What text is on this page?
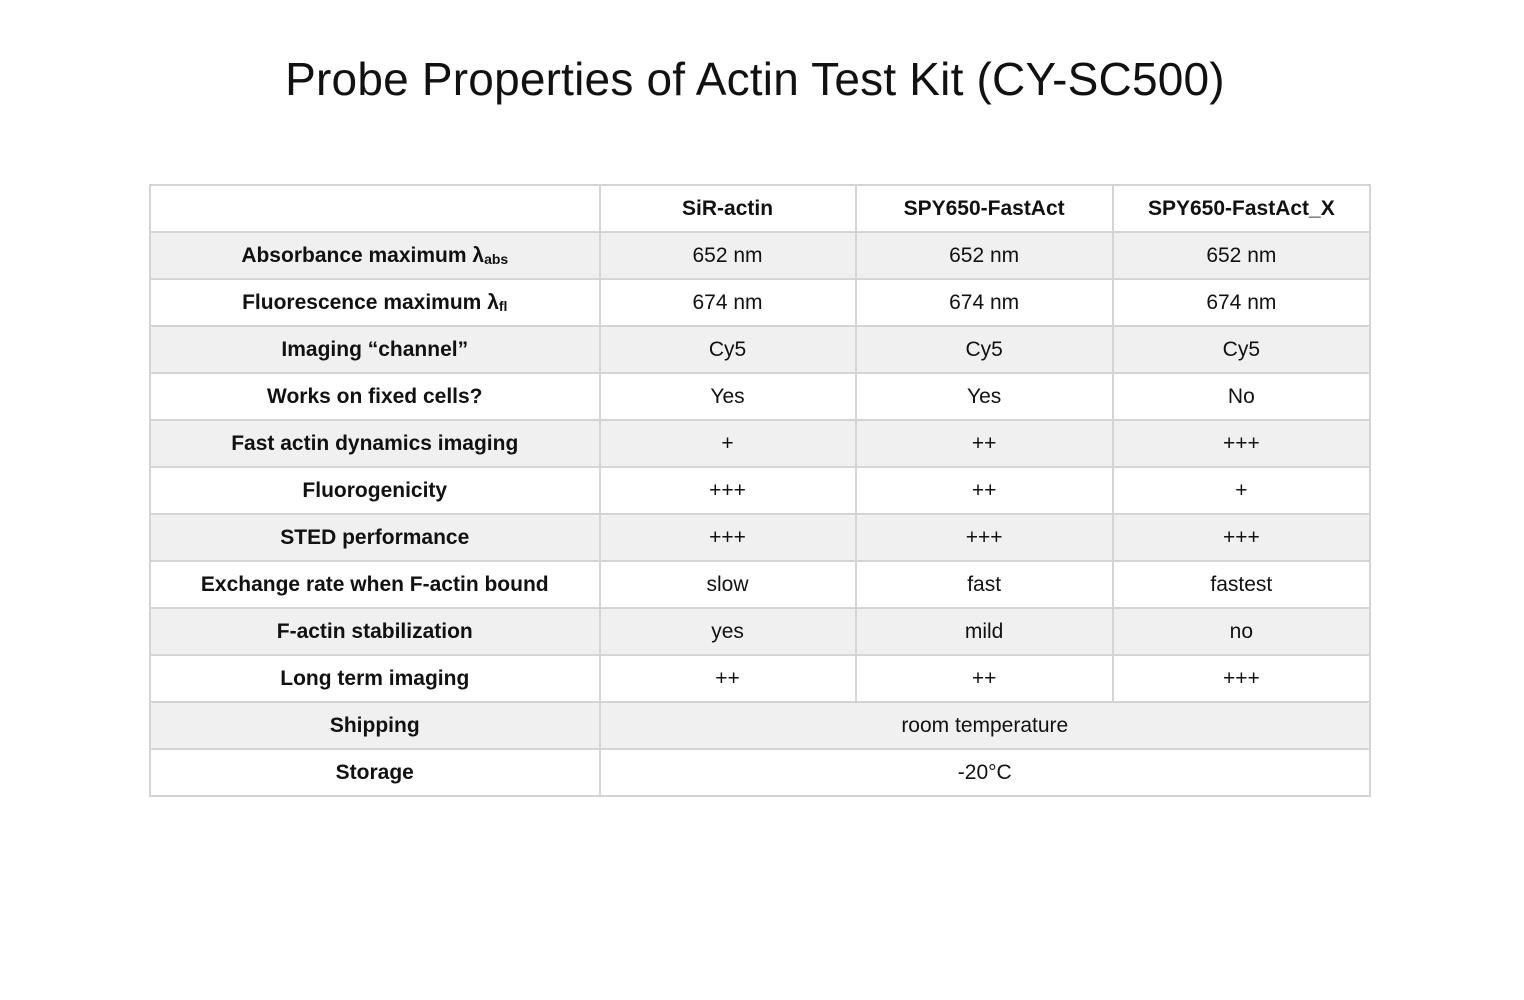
Probe Properties of Actin Test Kit (CY-SC500)
	SiR-actin	SPY650-FastAct	SPY650-FastAct_X
Absorbance maximum $\lambda_{abs}$	652 nm	652 nm	652 nm
Fluorescence maximum $\lambda_{fl}$	674 nm	674 nm	674 nm
Imaging “channel”	Cy5	Cy5	Cy5
Works on fixed cells?	Yes	Yes	No
Fast actin dynamics imaging	+	++	+++
Fluorogenicity	+++	++	+
STED performance	+++	+++	+++
Exchange rate when F-actin bound	slow	fast	fastest
F-actin stabilization	yes	mild	no
Long term imaging	++	++	+++
Shipping	room temperature		
Storage	-20°C		
